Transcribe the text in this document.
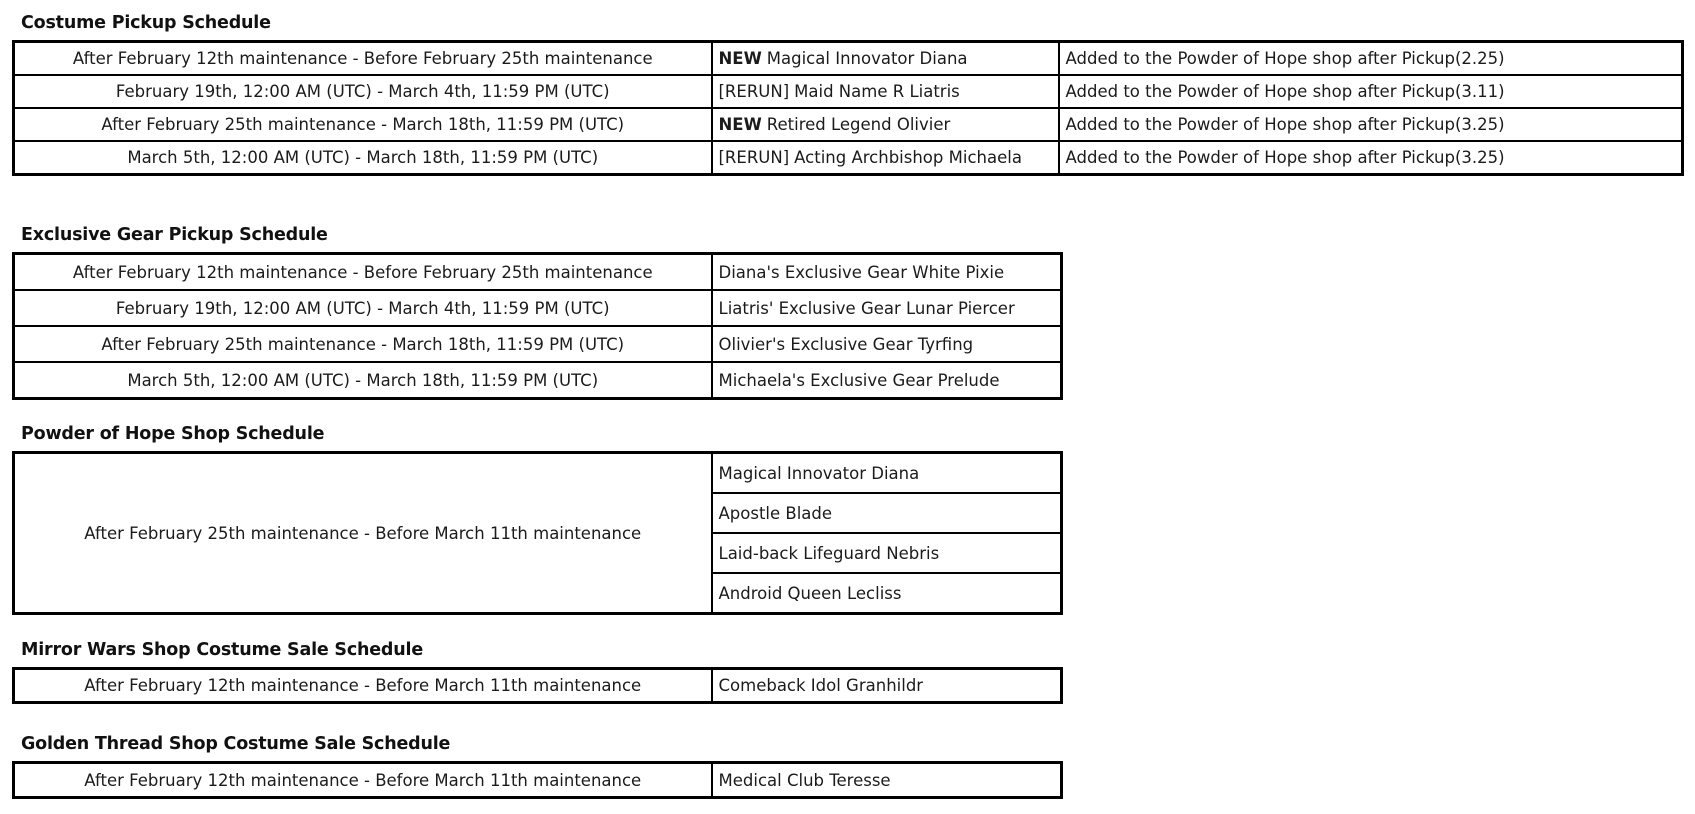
Costume Pickup Schedule
After February 12th maintenance - Before February 25th maintenance	NEW Magical Innovator Diana	Added to the Powder of Hope shop after Pickup(2.25)
February 19th, 12:00 AM (UTC) - March 4th, 11:59 PM (UTC)	[RERUN] Maid Name R Liatris	Added to the Powder of Hope shop after Pickup(3.11)
After February 25th maintenance - March 18th, 11:59 PM (UTC)	NEW Retired Legend Olivier	Added to the Powder of Hope shop after Pickup(3.25)
March 5th, 12:00 AM (UTC) - March 18th, 11:59 PM (UTC)	[RERUN] Acting Archbishop Michaela	Added to the Powder of Hope shop after Pickup(3.25)
Exclusive Gear Pickup Schedule
After February 12th maintenance - Before February 25th maintenance	Diana's Exclusive Gear White Pixie
February 19th, 12:00 AM (UTC) - March 4th, 11:59 PM (UTC)	Liatris' Exclusive Gear Lunar Piercer
After February 25th maintenance - March 18th, 11:59 PM (UTC)	Olivier's Exclusive Gear Tyrfing
March 5th, 12:00 AM (UTC) - March 18th, 11:59 PM (UTC)	Michaela's Exclusive Gear Prelude
Powder of Hope Shop Schedule
After February 25th maintenance - Before March 11th maintenance	Magical Innovator Diana
Apostle Blade
Laid-back Lifeguard Nebris
Android Queen Lecliss
Mirror Wars Shop Costume Sale Schedule
After February 12th maintenance - Before March 11th maintenance	Comeback Idol Granhildr
Golden Thread Shop Costume Sale Schedule
After February 12th maintenance - Before March 11th maintenance	Medical Club Teresse
